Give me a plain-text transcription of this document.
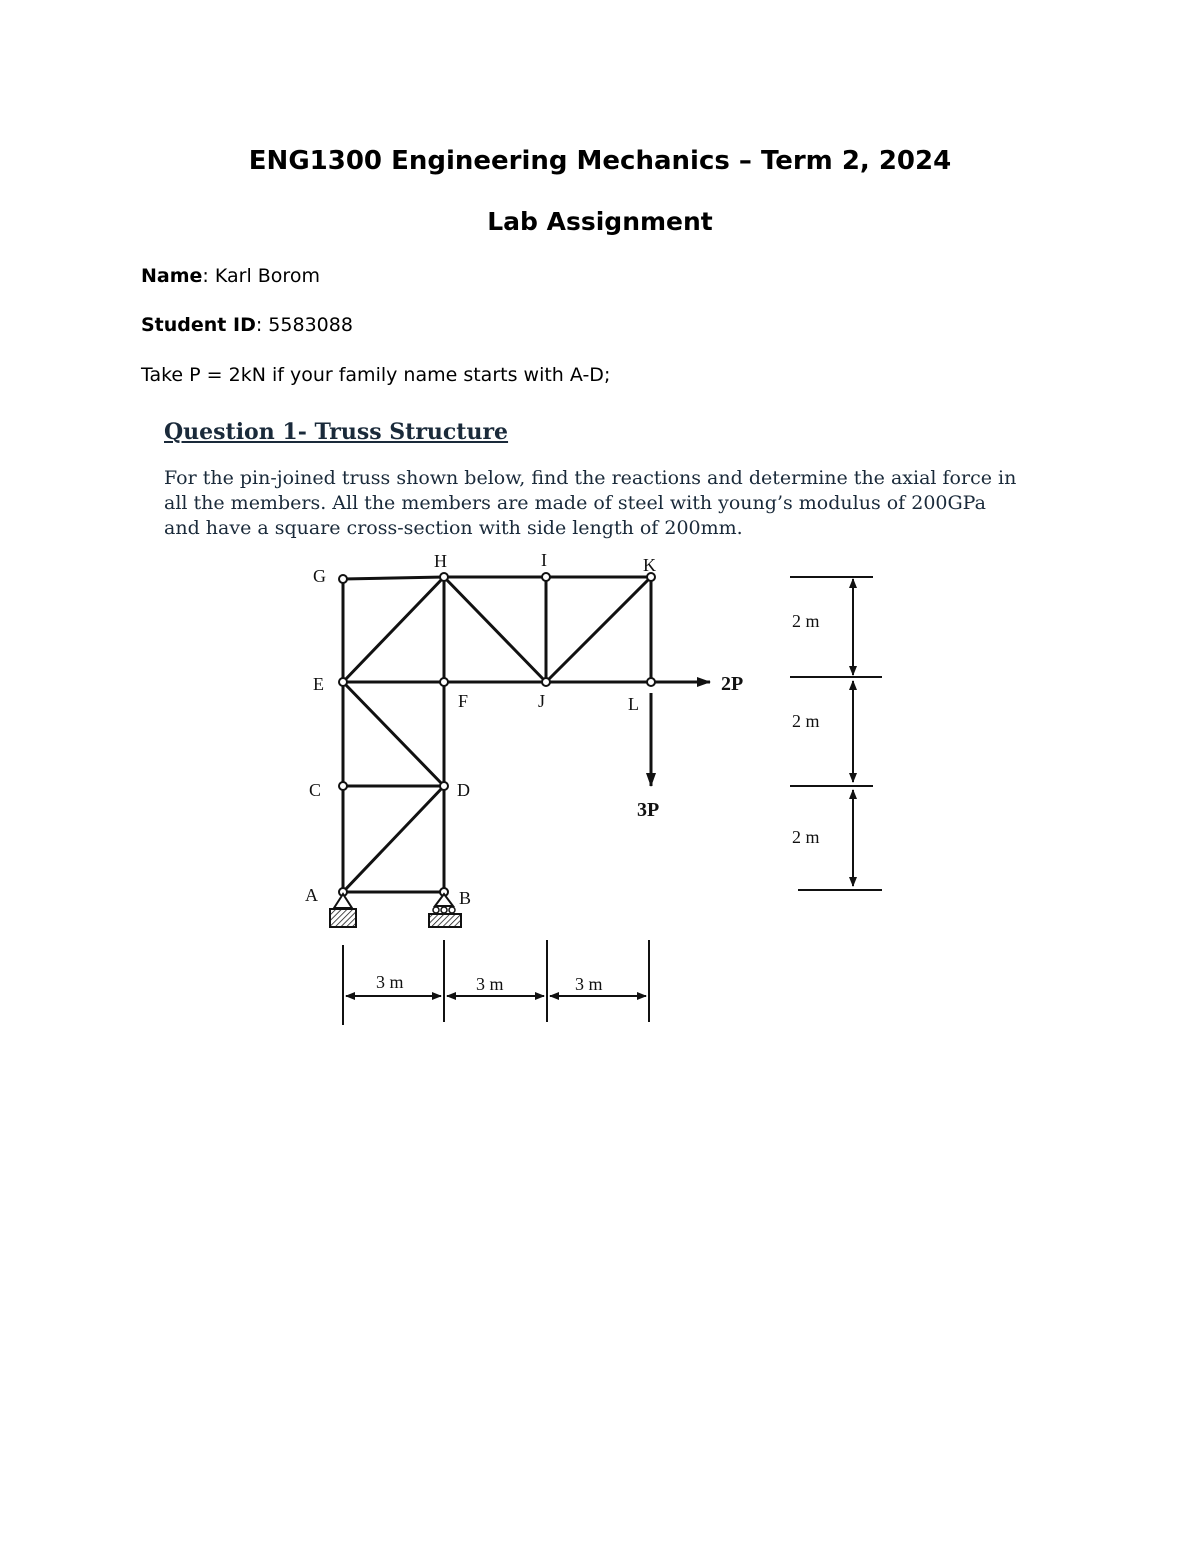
ENG1300 Engineering Mechanics – Term 2, 2024
Lab Assignment
Name: Karl Borom
Student ID: 5583088
Take P = 2kN if your family name starts with A-D;
Question 1- Truss Structure
For the pin-joined truss shown below, find the reactions and determine the axial force in
all the members. All the members are made of steel with young’s modulus of 200GPa
and have a square cross-section with side length of 200mm.
G
H	I	K
E
F	J	L
C	D
A	B
2P
3P
2 m
2 m
2 m
3 m	3 m	3 m
